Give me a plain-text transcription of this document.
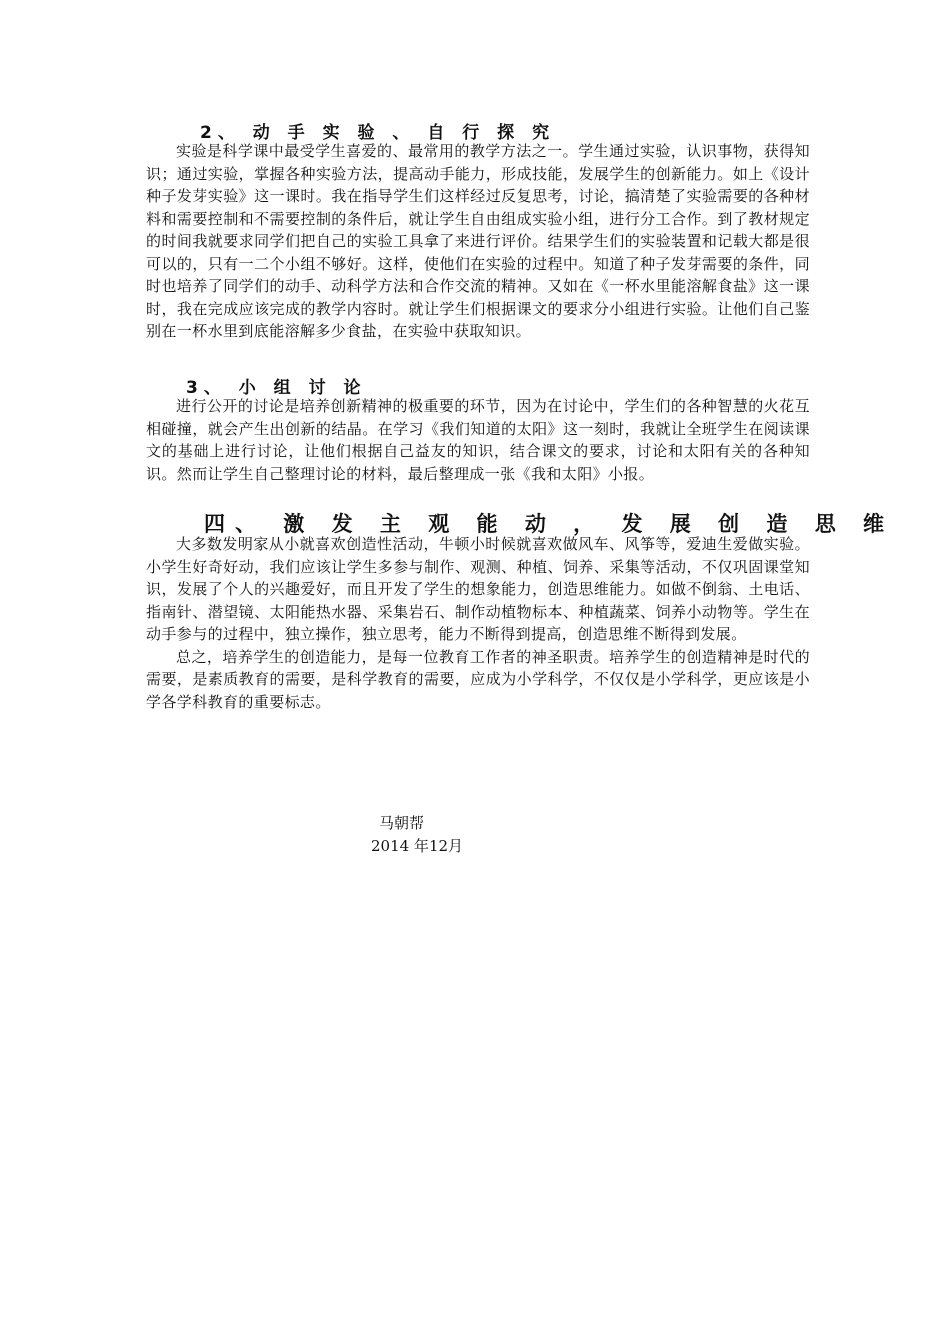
2、 动 手 实 验 、 自 行 探 究

实验是科学课中最受学生喜爱的、最常用的教学方法之一。学生通过实验，认识事物，获得知识；通过实验，掌握各种实验方法，提高动手能力，形成技能，发展学生的创新能力。如上《设计种子发芽实验》这一课时。我在指导学生们这样经过反复思考，讨论，搞清楚了实验需要的各种材料和需要控制和不需要控制的条件后，就让学生自由组成实验小组，进行分工合作。到了教材规定的时间我就要求同学们把自己的实验工具拿了来进行评价。结果学生们的实验装置和记载大都是很可以的，只有一二个小组不够好。这样，使他们在实验的过程中。知道了种子发芽需要的条件，同时也培养了同学们的动手、动科学方法和合作交流的精神。又如在《一杯水里能溶解食盐》这一课时，我在完成应该完成的教学内容时。就让学生们根据课文的要求分小组进行实验。让他们自己鉴别在一杯水里到底能溶解多少食盐，在实验中获取知识。

3、 小 组 讨 论

进行公开的讨论是培养创新精神的极重要的环节，因为在讨论中，学生们的各种智慧的火花互相碰撞，就会产生出创新的结晶。在学习《我们知道的太阳》这一刻时，我就让全班学生在阅读课文的基础上进行讨论，让他们根据自己益友的知识，结合课文的要求，讨论和太阳有关的各种知识。然而让学生自己整理讨论的材料，最后整理成一张《我和太阳》小报。

四、 激 发 主 观 能 动 ， 发 展 创 造 思 维

大多数发明家从小就喜欢创造性活动，牛顿小时候就喜欢做风车、风筝等，爱迪生爱做实验。小学生好奇好动，我们应该让学生多参与制作、观测、种植、饲养、采集等活动，不仅巩固课堂知识，发展了个人的兴趣爱好，而且开发了学生的想象能力，创造思维能力。如做不倒翁、土电话、指南针、潜望镜、太阳能热水器、采集岩石、制作动植物标本、种植蔬菜、饲养小动物等。学生在动手参与的过程中，独立操作，独立思考，能力不断得到提高，创造思维不断得到发展。

总之，培养学生的创造能力，是每一位教育工作者的神圣职责。培养学生的创造精神是时代的需要，是素质教育的需要，是科学教育的需要，应成为小学科学，不仅仅是小学科学，更应该是小学各学科教育的重要标志。

马朝帮
2014 年12月
